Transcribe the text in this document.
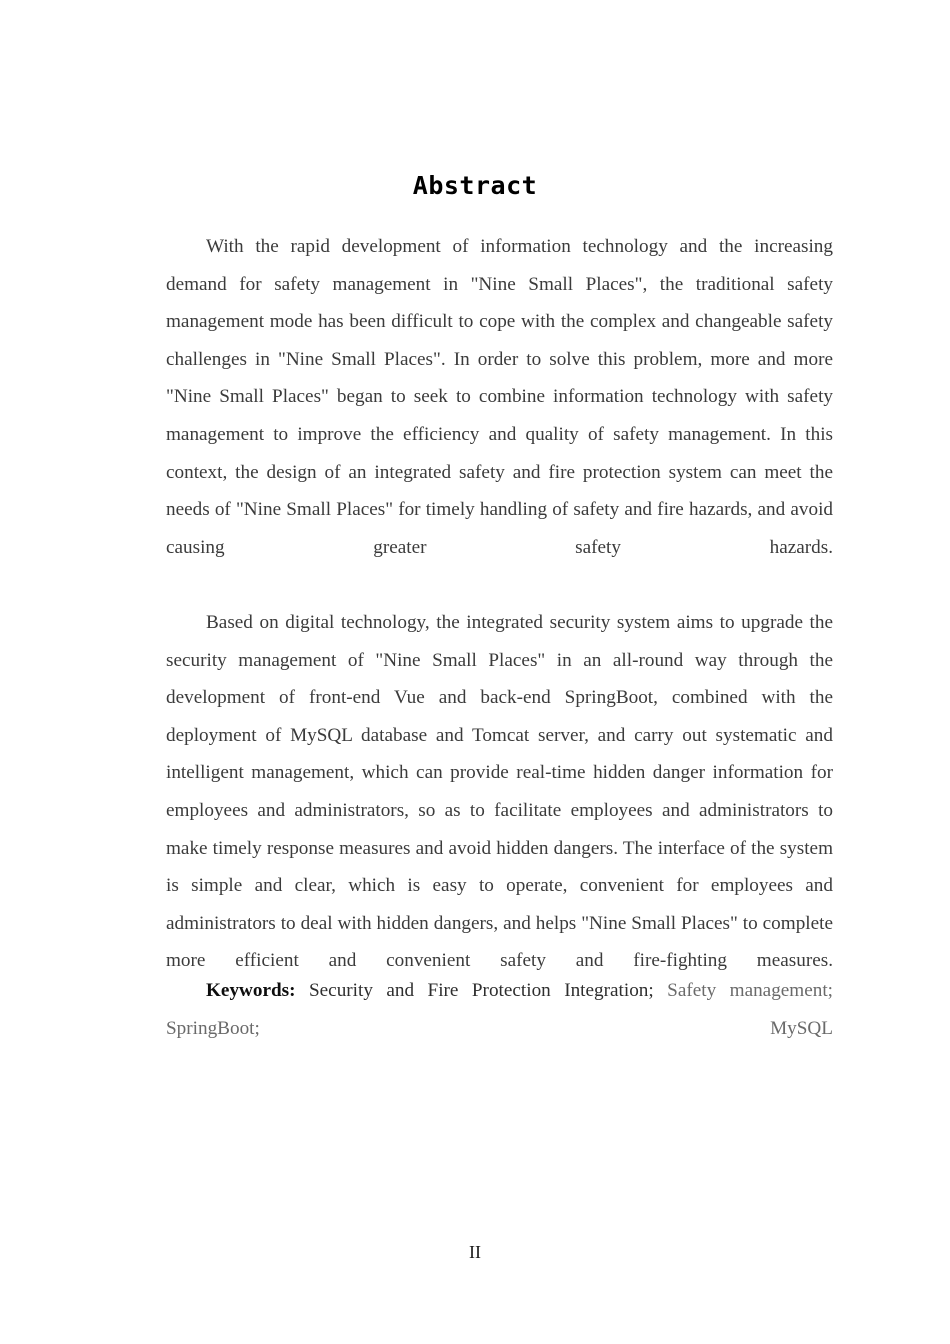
Abstract

With the rapid development of information technology and the increasing demand for safety management in "Nine Small Places", the traditional safety management mode has been difficult to cope with the complex and changeable safety challenges in "Nine Small Places". In order to solve this problem, more and more "Nine Small Places" began to seek to combine information technology with safety management to improve the efficiency and quality of safety management. In this context, the design of an integrated safety and fire protection system can meet the needs of "Nine Small Places" for timely handling of safety and fire hazards, and avoid causing greater safety hazards.

Based on digital technology, the integrated security system aims to upgrade the security management of "Nine Small Places" in an all-round way through the development of front-end Vue and back-end SpringBoot, combined with the deployment of MySQL database and Tomcat server, and carry out systematic and intelligent management, which can provide real-time hidden danger information for employees and administrators, so as to facilitate employees and administrators to make timely response measures and avoid hidden dangers. The interface of the system is simple and clear, which is easy to operate, convenient for employees and administrators to deal with hidden dangers, and helps "Nine Small Places" to complete more efficient and convenient safety and fire-fighting measures.

Keywords: Security and Fire Protection Integration; Safety management; SpringBoot; MySQL

II
